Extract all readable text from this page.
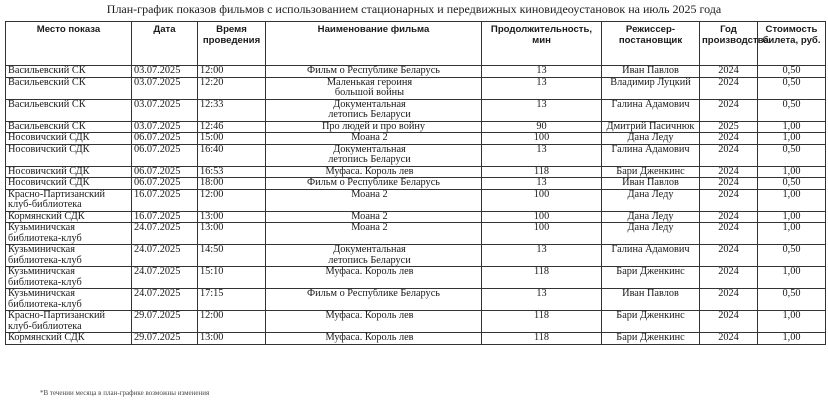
План-график показов фильмов с использованием стационарных и передвижных киновидеоустановок на июль 2025 года
Место показа	Дата	Время проведения	Наименование фильма	Продолжительность, мин	Режиссер-постановщик	Год производства	Стоимость билета, руб.
Васильевский СК	03.07.2025	12:00	Фильм о Республике Беларусь	13	Иван Павлов	2024	0,50
Васильевский СК	03.07.2025	12:20	Маленькая героиня большой войны	13	Владимир Луцкий	2024	0,50
Васильевский СК	03.07.2025	12:33	Документальная летопись Беларуси	13	Галина Адамович	2024	0,50
Васильевский СК	03.07.2025	12:46	Про людей и про войну	90	Дмитрий Пасичнюк	2025	1,00
Носовичский СДК	06.07.2025	15:00	Моана 2	100	Дана Леду	2024	1,00
Носовичский СДК	06.07.2025	16:40	Документальная летопись Беларуси	13	Галина Адамович	2024	0,50
Носовичский СДК	06.07.2025	16:53	Муфаса. Король лев	118	Бари Дженкинс	2024	1,00
Носовичский СДК	06.07.2025	18:00	Фильм о Республике Беларусь	13	Иван Павлов	2024	0,50
Красно-Партизанский клуб-библиотека	16.07.2025	12:00	Моана 2	100	Дана Леду	2024	1,00
Кормянский СДК	16.07.2025	13:00	Моана 2	100	Дана Леду	2024	1,00
Кузьминичская библиотека-клуб	24.07.2025	13:00	Моана 2	100	Дана Леду	2024	1,00
Кузьминичская библиотека-клуб	24.07.2025	14:50	Документальная летопись Беларуси	13	Галина Адамович	2024	0,50
Кузьминичская библиотека-клуб	24.07.2025	15:10	Муфаса. Король лев	118	Бари Дженкинс	2024	1,00
Кузьминичская библиотека-клуб	24.07.2025	17:15	Фильм о Республике Беларусь	13	Иван Павлов	2024	0,50
Красно-Партизанский клуб-библиотека	29.07.2025	12:00	Муфаса. Король лев	118	Бари Дженкинс	2024	1,00
Кормянский СДК	29.07.2025	13:00	Муфаса. Король лев	118	Бари Дженкинс	2024	1,00
*В течении месяца в план-графике возможны изменения
